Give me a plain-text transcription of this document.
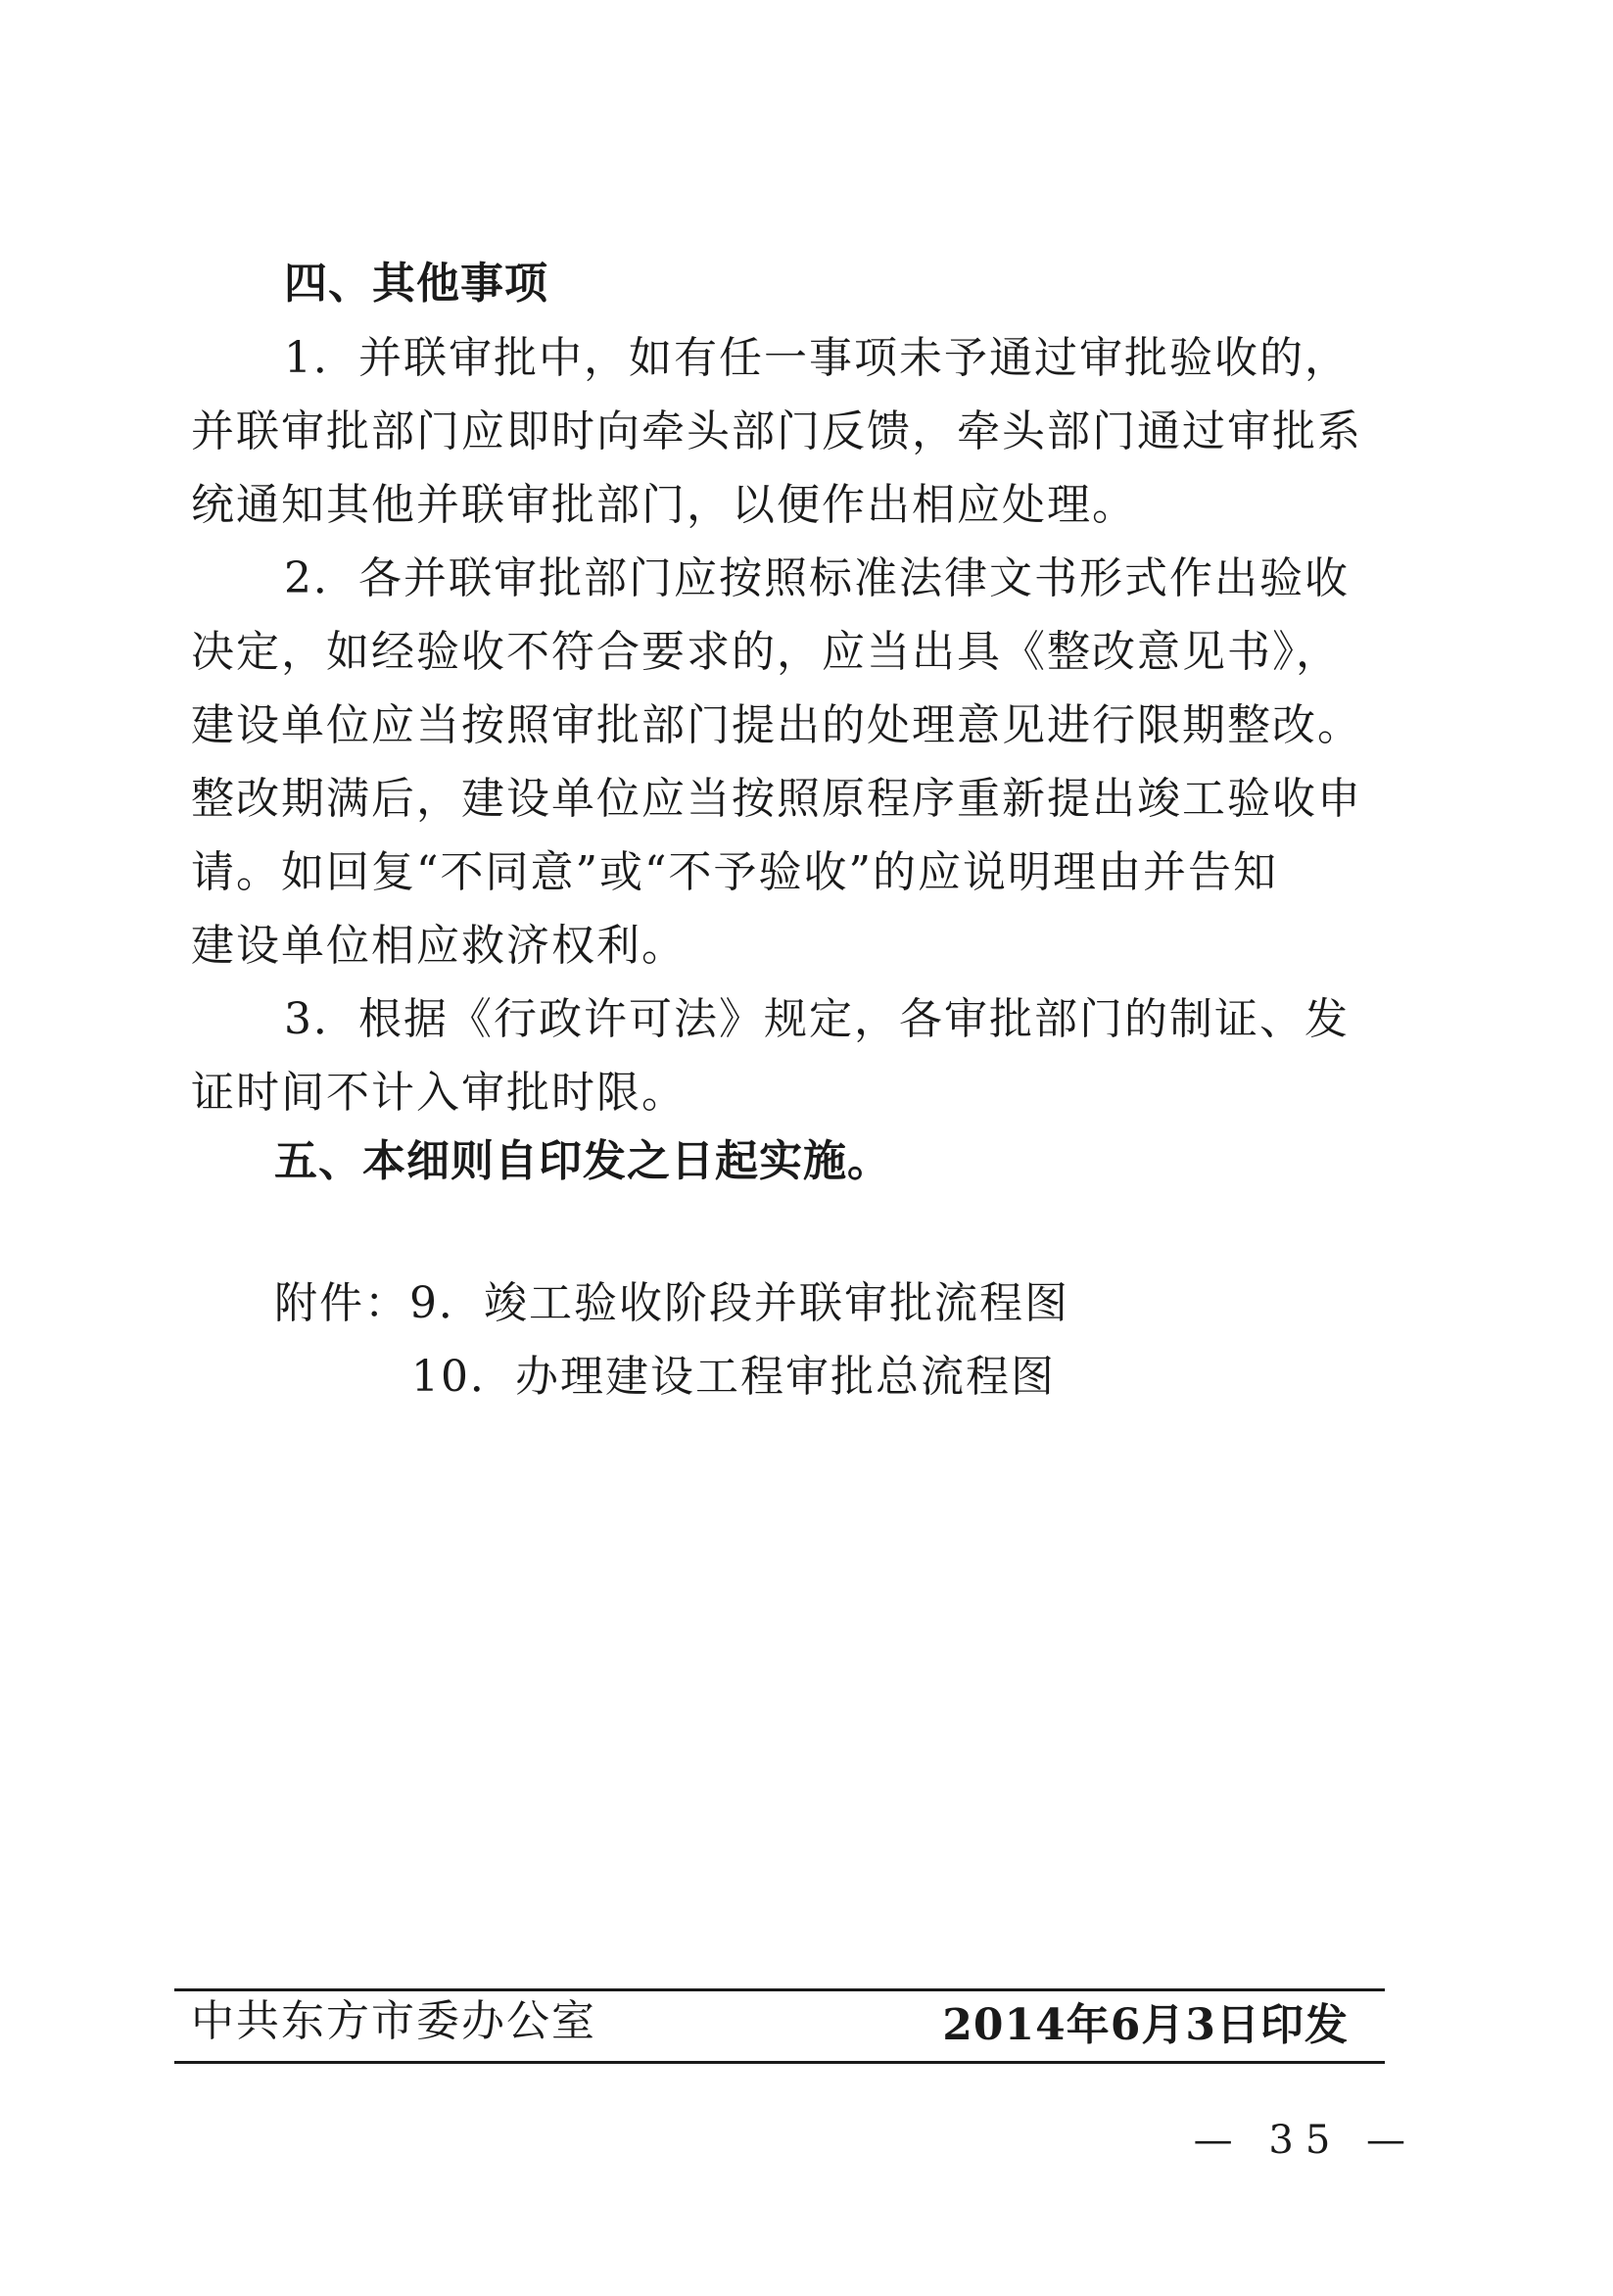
四、其他事项
1．并联审批中，如有任一事项未予通过审批验收的，
并联审批部门应即时向牵头部门反馈，牵头部门通过审批系
统通知其他并联审批部门，以便作出相应处理。
2．各并联审批部门应按照标准法律文书形式作出验收
决定，如经验收不符合要求的，应当出具《整改意见书》，
建设单位应当按照审批部门提出的处理意见进行限期整改。
整改期满后，建设单位应当按照原程序重新提出竣工验收申
请。如回复“不同意”或“不予验收”的应说明理由并告知
建设单位相应救济权利。
3．根据《行政许可法》规定，各审批部门的制证、发
证时间不计入审批时限。
五、本细则自印发之日起实施。
附件：9．竣工验收阶段并联审批流程图
10．办理建设工程审批总流程图
中共东方市委办公室	2014年6月3日印发
— 35 —
